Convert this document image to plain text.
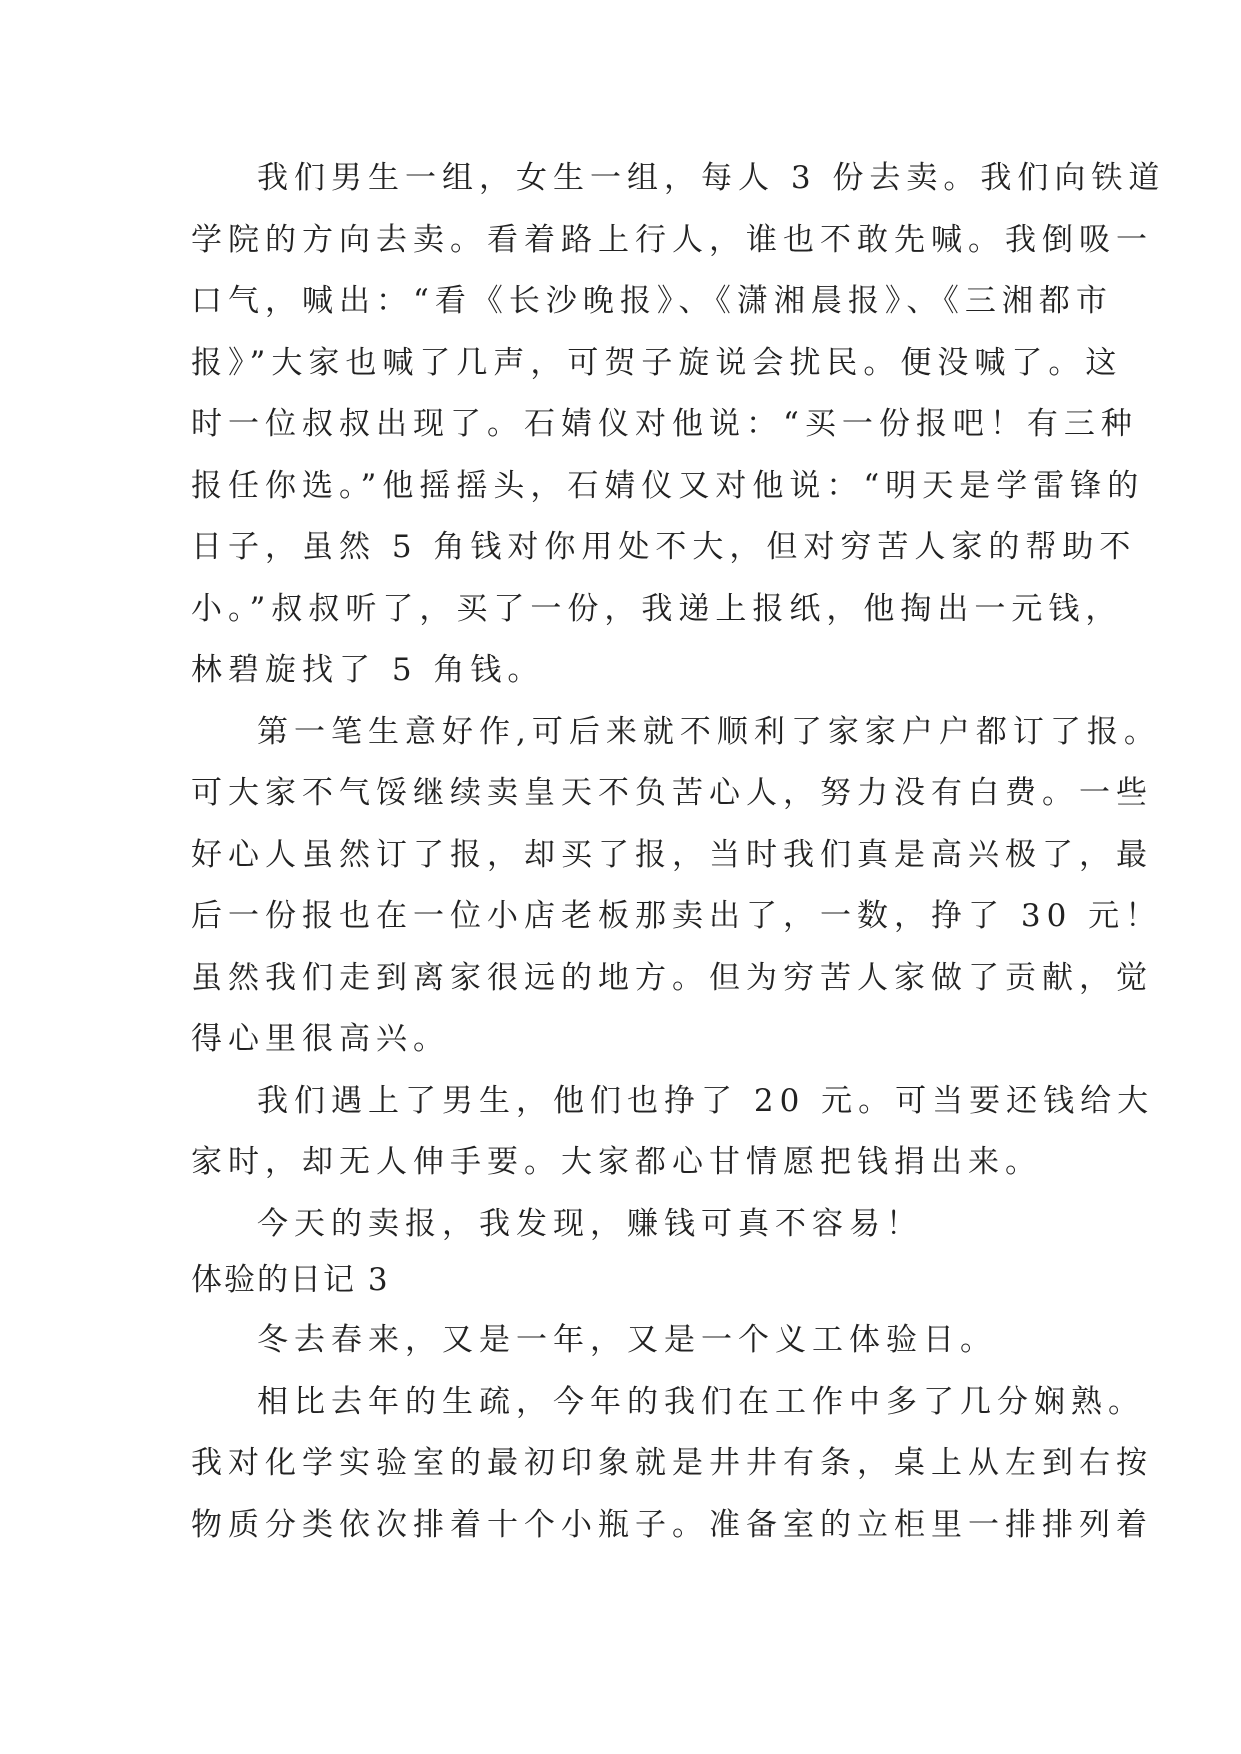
我们男生一组，女生一组，每人 3 份去卖。我们向铁道
学院的方向去卖。看着路上行人，谁也不敢先喊。我倒吸一
口气，喊出：“看《长沙晚报》、《潇湘晨报》、《三湘都市
报》”大家也喊了几声，可贺子旋说会扰民。便没喊了。这
时一位叔叔出现了。石婧仪对他说：“买一份报吧！有三种
报任你选。”他摇摇头，石婧仪又对他说：“明天是学雷锋的
日子，虽然 5 角钱对你用处不大，但对穷苦人家的帮助不
小。”叔叔听了，买了一份，我递上报纸，他掏出一元钱，
林碧旋找了 5 角钱。
第一笔生意好作,可后来就不顺利了家家户户都订了报。
可大家不气馁继续卖皇天不负苦心人，努力没有白费。一些
好心人虽然订了报，却买了报，当时我们真是高兴极了，最
后一份报也在一位小店老板那卖出了，一数，挣了 30 元！
虽然我们走到离家很远的地方。但为穷苦人家做了贡献，觉
得心里很高兴。
我们遇上了男生，他们也挣了 20 元。可当要还钱给大
家时，却无人伸手要。大家都心甘情愿把钱捐出来。
今天的卖报，我发现，赚钱可真不容易！
体验的日记 3
冬去春来，又是一年，又是一个义工体验日。
相比去年的生疏，今年的我们在工作中多了几分娴熟。
我对化学实验室的最初印象就是井井有条，桌上从左到右按
物质分类依次排着十个小瓶子。准备室的立柜里一排排列着
